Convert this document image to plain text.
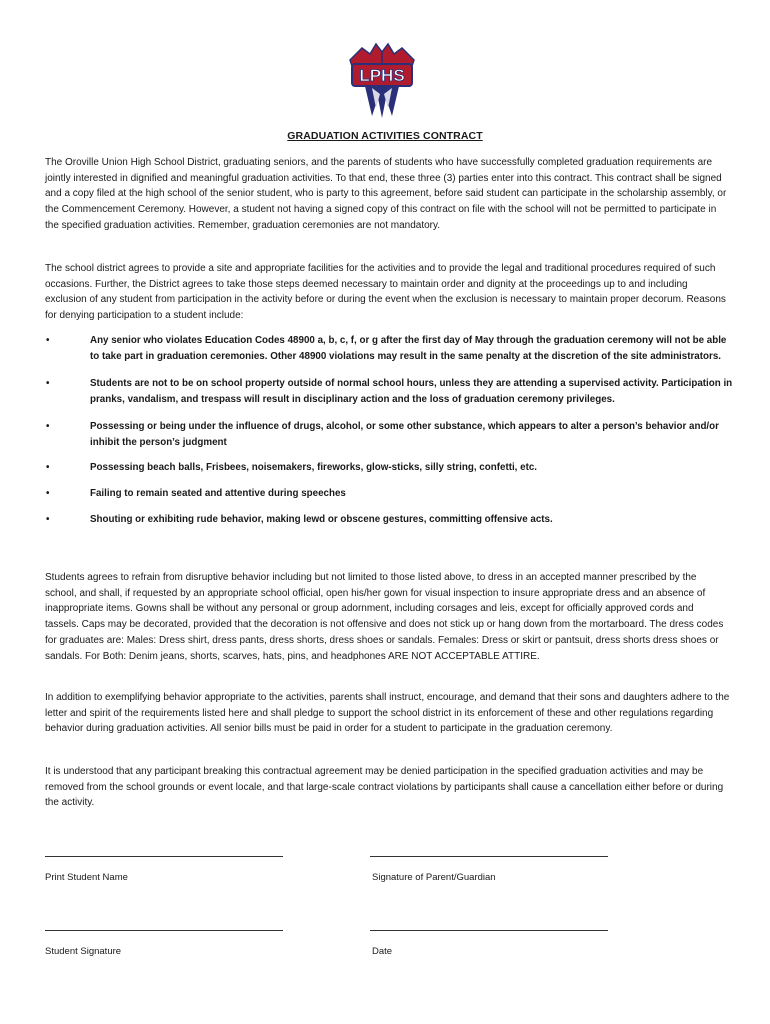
LPHS
GRADUATION ACTIVITIES CONTRACT

The Oroville Union High School District, graduating seniors, and the parents of students who have successfully completed graduation requirements are jointly interested in dignified and meaningful graduation activities. To that end, these three (3) parties enter into this contract. This contract shall be signed and a copy filed at the high school of the senior student, who is party to this agreement, before said student can participate in the scholarship assembly, or the Commencement Ceremony. However, a student not having a signed copy of this contract on file with the school will not be permitted to participate in the specified graduation activities. Remember, graduation ceremonies are not mandatory.

The school district agrees to provide a site and appropriate facilities for the activities and to provide the legal and traditional procedures required of such occasions. Further, the District agrees to take those steps deemed necessary to maintain order and dignity at the proceedings up to and including exclusion of any student from participation in the activity before or during the event when the exclusion is necessary to maintain proper decorum. Reasons for denying participation to a student include:

•	Any senior who violates Education Codes 48900 a, b, c, f, or g after the first day of May through the graduation ceremony will not be able to take part in graduation ceremonies. Other 48900 violations may result in the same penalty at the discretion of the site administrators.
•	Students are not to be on school property outside of normal school hours, unless they are attending a supervised activity. Participation in pranks, vandalism, and trespass will result in disciplinary action and the loss of graduation ceremony privileges.
•	Possessing or being under the influence of drugs, alcohol, or some other substance, which appears to alter a person’s behavior and/or inhibit the person’s judgment
•	Possessing beach balls, Frisbees, noisemakers, fireworks, glow-sticks, silly string, confetti, etc.
•	Failing to remain seated and attentive during speeches
•	Shouting or exhibiting rude behavior, making lewd or obscene gestures, committing offensive acts.

Students agrees to refrain from disruptive behavior including but not limited to those listed above, to dress in an accepted manner prescribed by the school, and shall, if requested by an appropriate school official, open his/her gown for visual inspection to insure appropriate dress and an absence of inappropriate items. Gowns shall be without any personal or group adornment, including corsages and leis, except for officially approved cords and tassels. Caps may be decorated, provided that the decoration is not offensive and does not stick up or hang down from the mortarboard. The dress codes for graduates are: Males: Dress shirt, dress pants, dress shorts, dress shoes or sandals. Females: Dress or skirt or pantsuit, dress shorts dress shoes or sandals. For Both: Denim jeans, shorts, scarves, hats, pins, and headphones ARE NOT ACCEPTABLE ATTIRE.

In addition to exemplifying behavior appropriate to the activities, parents shall instruct, encourage, and demand that their sons and daughters adhere to the letter and spirit of the requirements listed here and shall pledge to support the school district in its enforcement of these and other regulations regarding behavior during graduation activities. All senior bills must be paid in order for a student to participate in the graduation ceremony.

It is understood that any participant breaking this contractual agreement may be denied participation in the specified graduation activities and may be removed from the school grounds or event locale, and that large-scale contract violations by participants shall cause a cancellation either before or during the activity.

Print Student Name	Signature of Parent/Guardian
Student Signature	Date
